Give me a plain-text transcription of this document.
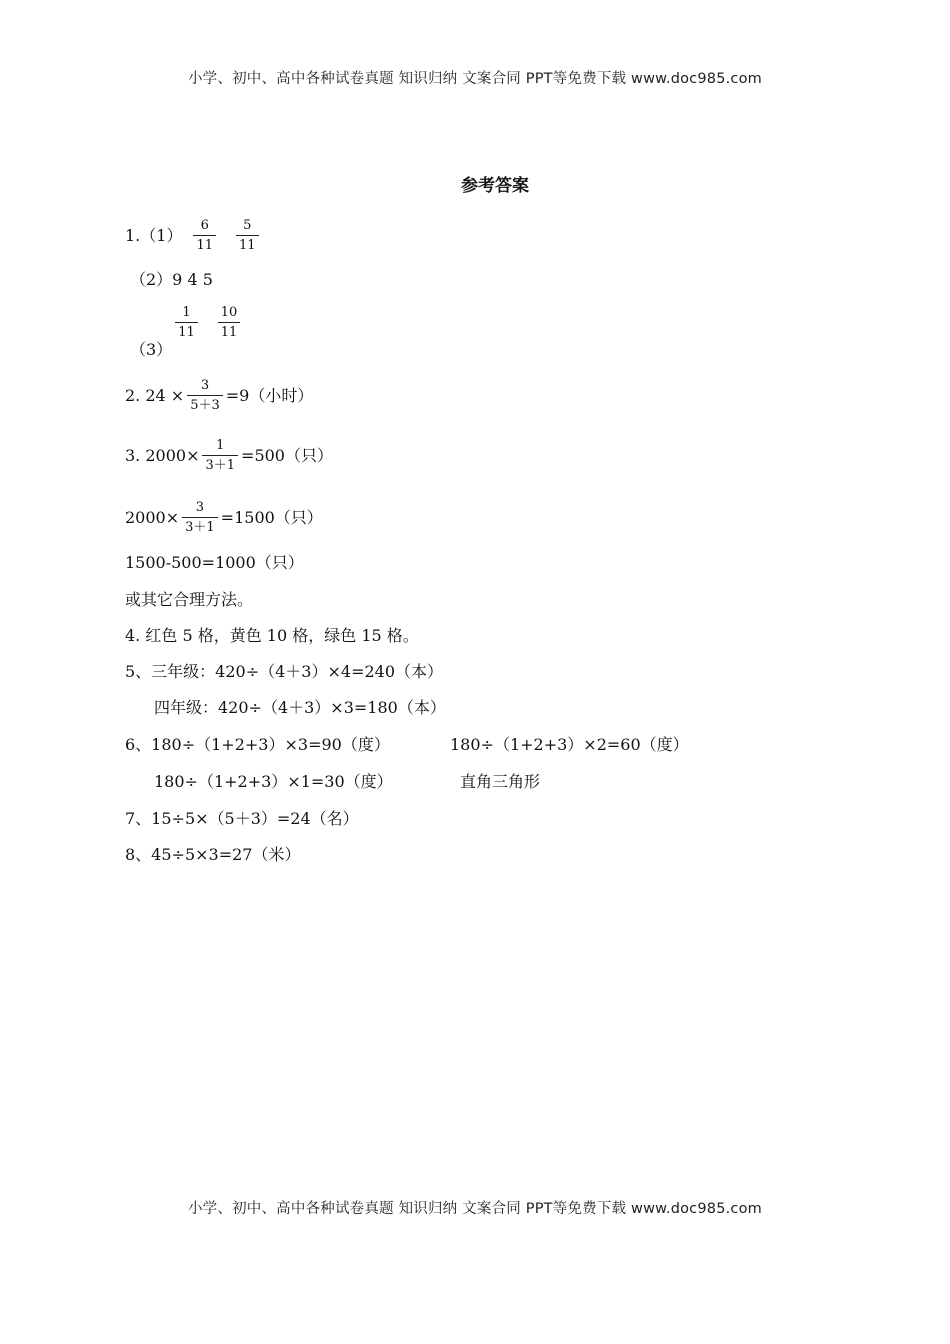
小学、初中、高中各种试卷真题 知识归纳 文案合同 PPT等免费下载 www.doc985.com
参考答案
$1.(1) \frac{6}{11} \frac{5}{11}$
（2）9 4 5
（3）
$\frac{1}{11} \frac{10}{11}$
2. $24 \times \frac{3}{5+3} =9$（小时）
3. $2000\times \frac{1}{3+1} =500$（只）
$2000\times \frac{3}{3+1} =1500$（只）
1500-500=1000（只）
或其它合理方法。
4. 红色 5 格，黄色 10 格，绿色 15 格。
5、三年级：420÷（4＋3）×4=240（本）
四年级：420÷（4＋3）×3=180（本）
6、180÷（1+2+3）×3=90（度）	180÷（1+2+3）×2=60（度）
180÷（1+2+3）×1=30（度）	直角三角形
7、15÷5×（5＋3）=24（名）
8、45÷5×3=27（米）
小学、初中、高中各种试卷真题 知识归纳 文案合同 PPT等免费下载 www.doc985.com
